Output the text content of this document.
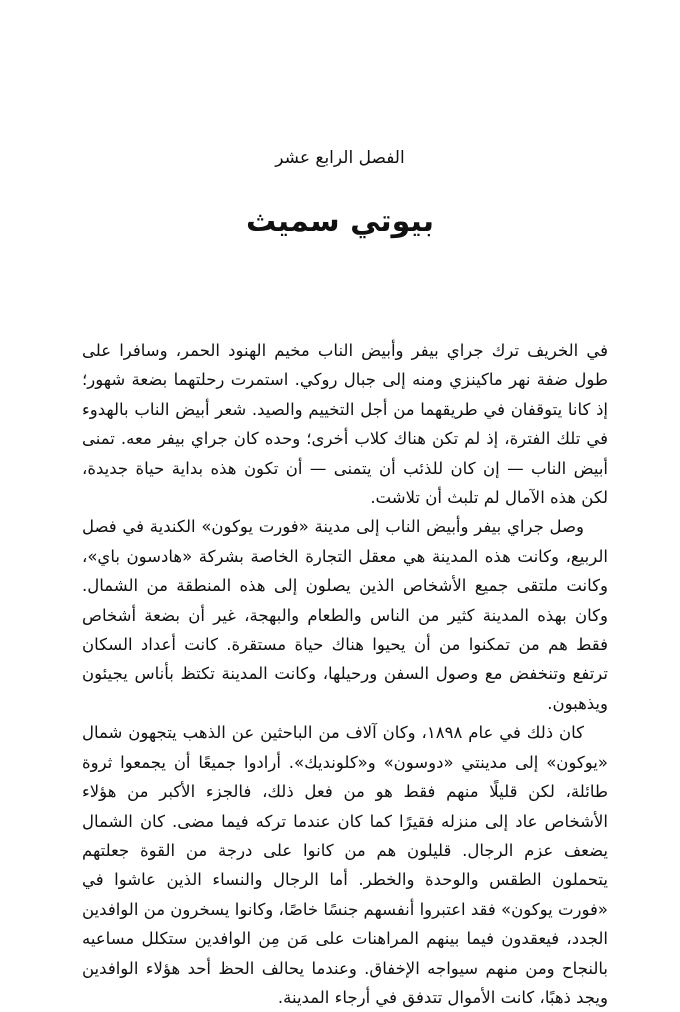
الفصل الرابع عشر
بيوتي سميث

في الخريف ترك جراي بيفر وأبيض الناب مخيم الهنود الحمر، وسافرا على طول ضفة نهر ماكينزي ومنه إلى جبال روكي. استمرت رحلتهما بضعة شهور؛ إذ كانا يتوقفان في طريقهما من أجل التخييم والصيد. شعر أبيض الناب بالهدوء في تلك الفترة، إذ لم تكن هناك كلاب أخرى؛ وحده كان جراي بيفر معه. تمنى أبيض الناب — إن كان للذئب أن يتمنى — أن تكون هذه بداية حياة جديدة، لكن هذه الآمال لم تلبث أن تلاشت.

وصل جراي بيفر وأبيض الناب إلى مدينة «فورت يوكون» الكندية في فصل الربيع، وكانت هذه المدينة هي معقل التجارة الخاصة بشركة «هادسون باي»، وكانت ملتقى جميع الأشخاص الذين يصلون إلى هذه المنطقة من الشمال. وكان بهذه المدينة كثير من الناس والطعام والبهجة، غير أن بضعة أشخاص فقط هم من تمكنوا من أن يحيوا هناك حياة مستقرة. كانت أعداد السكان ترتفع وتنخفض مع وصول السفن ورحيلها، وكانت المدينة تكتظ بأناس يجيئون ويذهبون.

كان ذلك في عام ١٨٩٨، وكان آلاف من الباحثين عن الذهب يتجهون شمال «يوكون» إلى مدينتي «دوسون» و«كلونديك». أرادوا جميعًا أن يجمعوا ثروة طائلة، لكن قليلًا منهم فقط هو من فعل ذلك، فالجزء الأكبر من هؤلاء الأشخاص عاد إلى منزله فقيرًا كما كان عندما تركه فيما مضى. كان الشمال يضعف عزم الرجال. قليلون هم من كانوا على درجة من القوة جعلتهم يتحملون الطقس والوحدة والخطر. أما الرجال والنساء الذين عاشوا في «فورت يوكون» فقد اعتبروا أنفسهم جنسًا خاصًا، وكانوا يسخرون من الوافدين الجدد، فيعقدون فيما بينهم المراهنات على مَن مِن الوافدين ستكلل مساعيه بالنجاح ومن منهم سيواجه الإخفاق. وعندما يحالف الحظ أحد هؤلاء الوافدين ويجد ذهبًا، كانت الأموال تتدفق في أرجاء المدينة.
